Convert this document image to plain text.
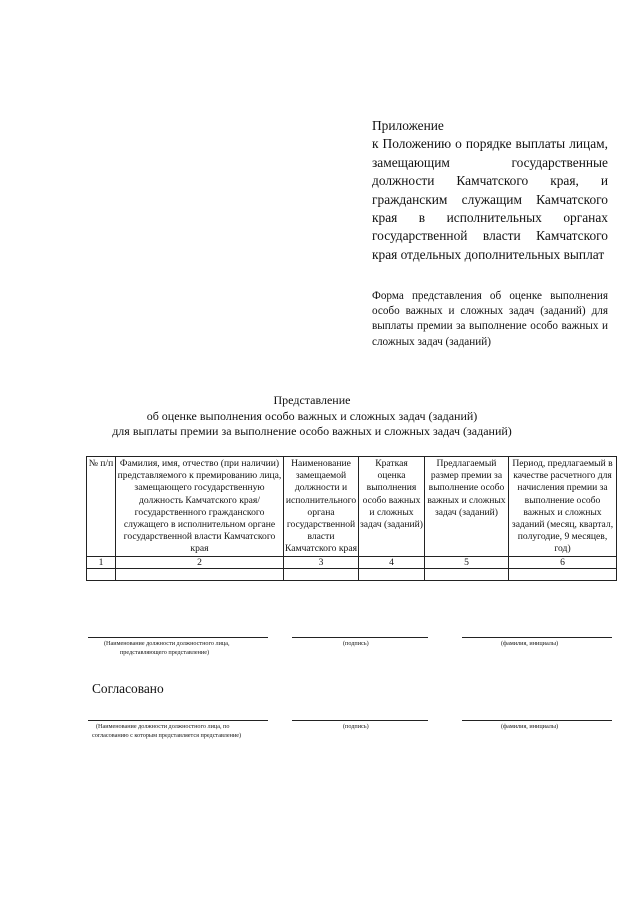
Приложение
к Положению о порядке выплаты лицам, замещающим государственные должности Камчатского края, и гражданским служащим Камчатского края в исполнительных органах государственной власти Камчатского края отдельных дополнительных выплат
Форма представления об оценке выполнения особо важных и сложных задач (заданий) для выплаты премии за выполнение особо важных и сложных задач (заданий)
Представление
об оценке выполнения особо важных и сложных задач (заданий)
для выплаты премии за выполнение особо важных и сложных задач (заданий)
№ п/п	Фамилия, имя, отчество (при наличии) представляемого к премированию лица, замещающего государственную должность Камчатского края/ государственного гражданского служащего в исполнительном органе государственной власти Камчатского края	Наименование замещаемой должности и исполнительного органа государственной власти Камчатского края	Краткая оценка выполнения особо важных и сложных задач (заданий)	Предлагаемый размер премии за выполнение особо важных и сложных задач (заданий)	Период, предлагаемый в качестве расчетного для начисления премии за выполнение особо важных и сложных заданий (месяц, квартал, полугодие, 9 месяцев, год)
1	2	3	4	5	6

(Наименование должности должностного лица,
представляющего представление)
(подпись)	(фамилия, инициалы)
Согласовано
(Наименование должности должностного лица, по
согласованию с которым представляется представление)
(подпись)	(фамилия, инициалы)
